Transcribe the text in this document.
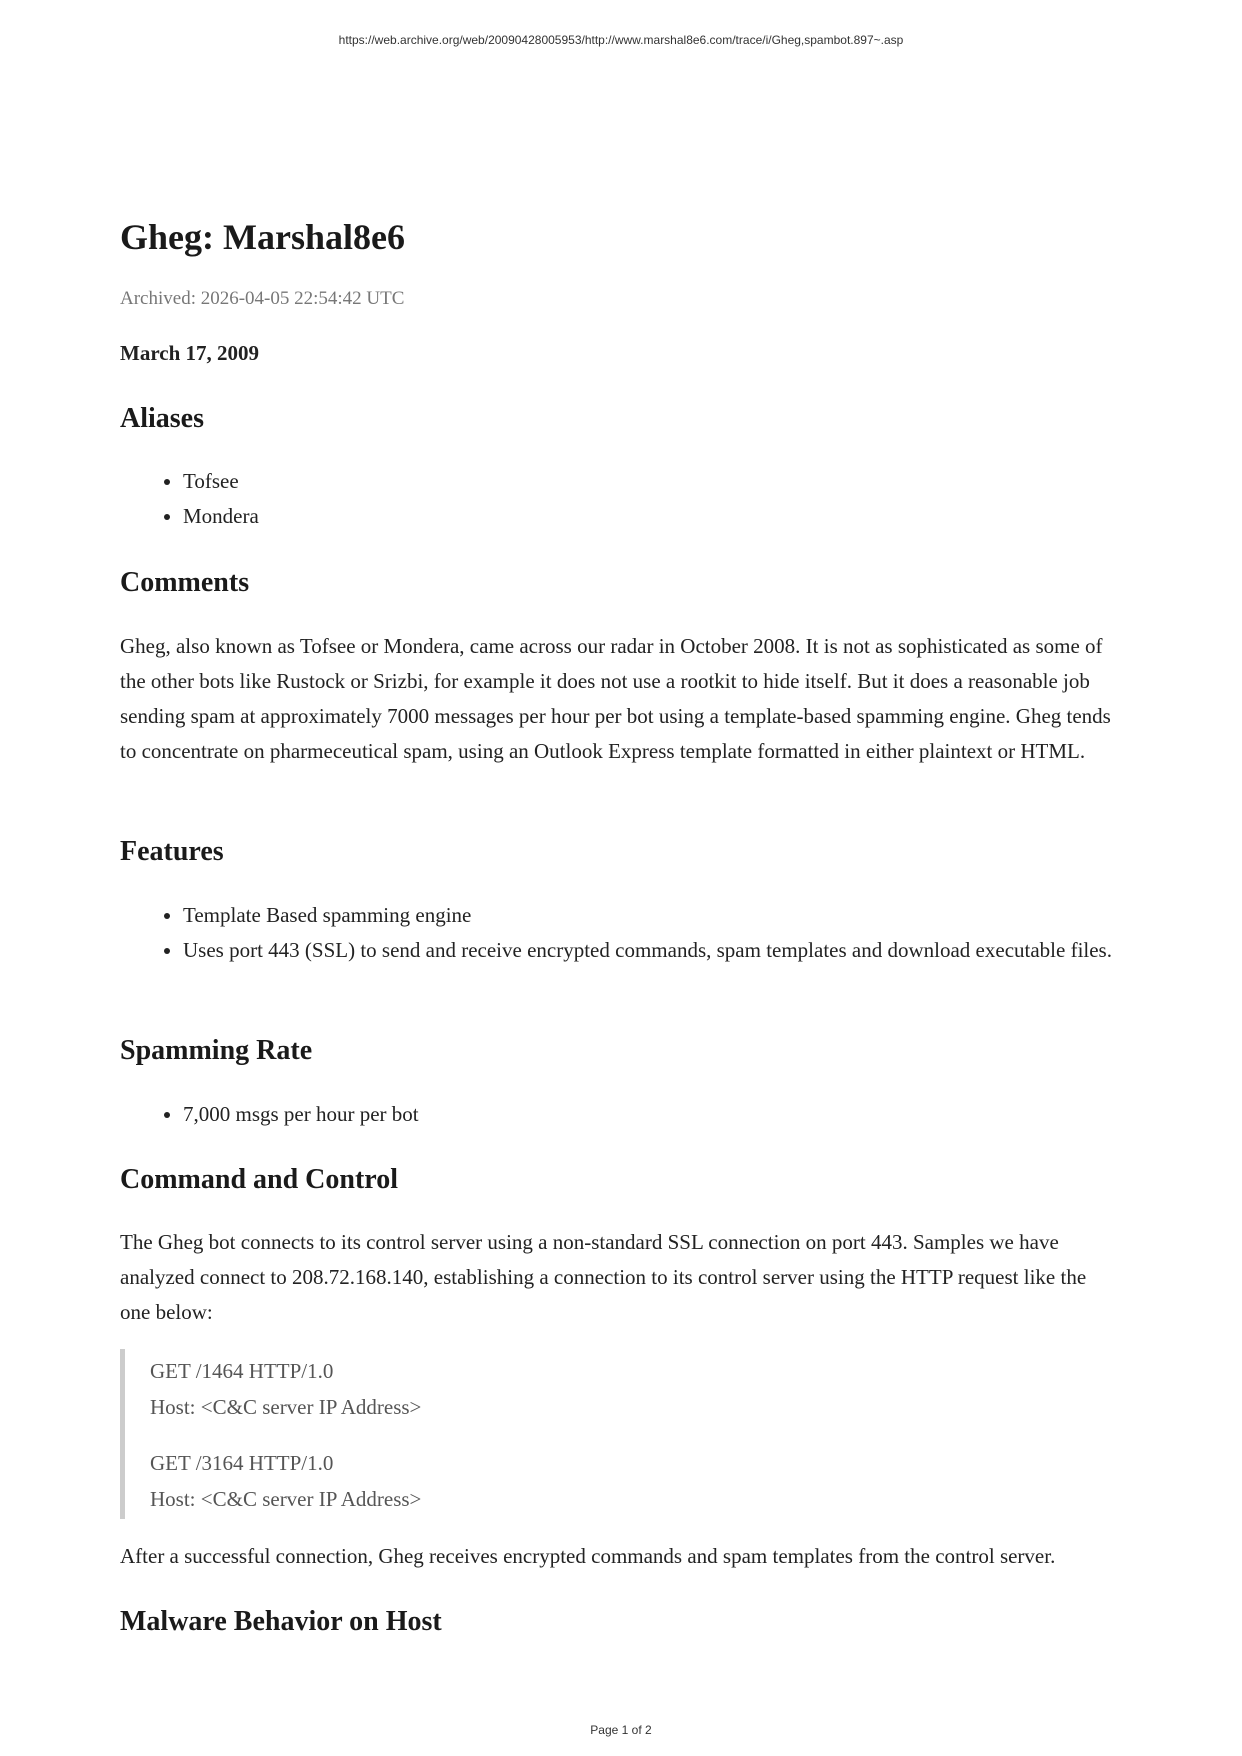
https://web.archive.org/web/20090428005953/http://www.marshal8e6.com/trace/i/Gheg,spambot.897~.asp
Gheg: Marshal8e6
Archived: 2026-04-05 22:54:42 UTC
March 17, 2009
Aliases
• Tofsee
• Mondera
Comments

Gheg, also known as Tofsee or Mondera, came across our radar in October 2008. It is not as sophisticated as some of the other bots like Rustock or Srizbi, for example it does not use a rootkit to hide itself. But it does a reasonable job sending spam at approximately 7000 messages per hour per bot using a template-based spamming engine. Gheg tends to concentrate on pharmeceutical spam, using an Outlook Express template formatted in either plaintext or HTML.

Features
• Template Based spamming engine
• Uses port 443 (SSL) to send and receive encrypted commands, spam templates and download executable files.
Spamming Rate
• 7,000 msgs per hour per bot
Command and Control

The Gheg bot connects to its control server using a non-standard SSL connection on port 443. Samples we have analyzed connect to 208.72.168.140, establishing a connection to its control server using the HTTP request like the one below:

GET /1464 HTTP/1.0

Host: <C&C server IP Address>

GET /3164 HTTP/1.0

Host: <C&C server IP Address>

After a successful connection, Gheg receives encrypted commands and spam templates from the control server.

Malware Behavior on Host
Page 1 of 2
